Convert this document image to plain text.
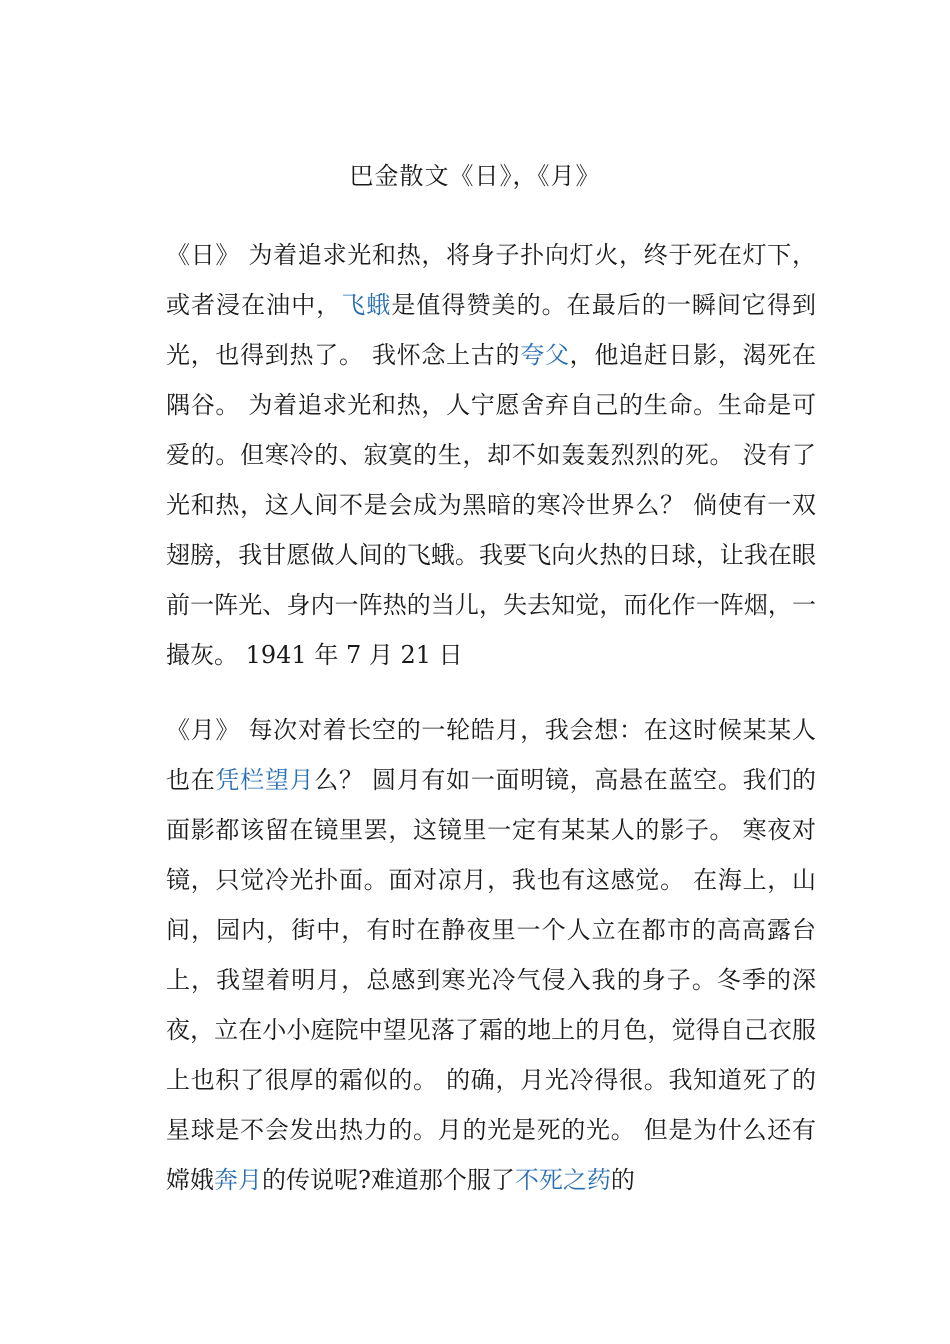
巴金散文《日》，《月》

《日》 为着追求光和热，将身子扑向灯火，终于死在灯下，或者浸在油中，飞蛾是值得赞美的。在最后的一瞬间它得到光，也得到热了。 我怀念上古的夸父，他追赶日影，渴死在隅谷。 为着追求光和热，人宁愿舍弃自己的生命。生命是可爱的。但寒冷的、寂寞的生，却不如轰轰烈烈的死。 没有了光和热，这人间不是会成为黑暗的寒冷世界么？ 倘使有一双翅膀，我甘愿做人间的飞蛾。我要飞向火热的日球，让我在眼前一阵光、身内一阵热的当儿，失去知觉，而化作一阵烟，一撮灰。 1941 年 7 月 21 日

《月》 每次对着长空的一轮皓月，我会想：在这时候某某人也在凭栏望月么？ 圆月有如一面明镜，高悬在蓝空。我们的面影都该留在镜里罢，这镜里一定有某某人的影子。 寒夜对镜，只觉冷光扑面。面对凉月，我也有这感觉。 在海上，山间，园内，街中，有时在静夜里一个人立在都市的高高露台上，我望着明月，总感到寒光冷气侵入我的身子。冬季的深夜，立在小小庭院中望见落了霜的地上的月色，觉得自己衣服上也积了很厚的霜似的。 的确，月光冷得很。我知道死了的星球是不会发出热力的。月的光是死的光。 但是为什么还有嫦娥奔月的传说呢?难道那个服了不死之药的
